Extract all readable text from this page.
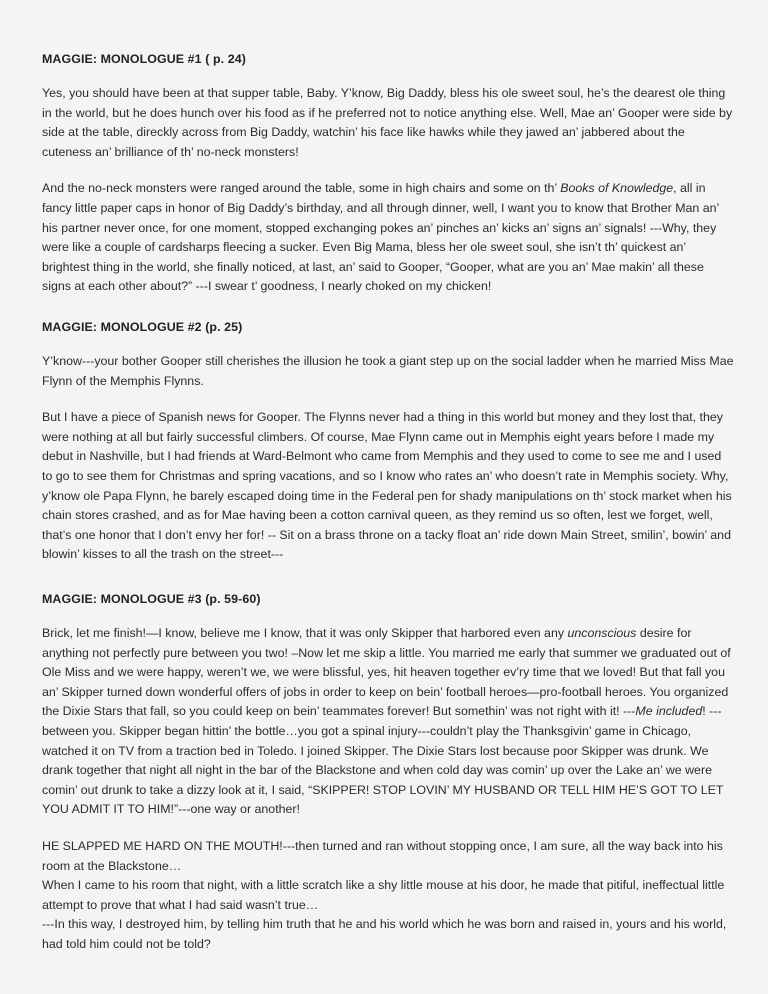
MAGGIE: MONOLOGUE #1 ( p. 24)

Yes, you should have been at that supper table, Baby. Y’know, Big Daddy, bless his ole sweet soul, he’s the dearest ole thing in the world, but he does hunch over his food as if he preferred not to notice anything else. Well, Mae an’ Gooper were side by side at the table, direckly across from Big Daddy, watchin’ his face like hawks while they jawed an’ jabbered about the cuteness an’ brilliance of th’ no-neck monsters!

And the no-neck monsters were ranged around the table, some in high chairs and some on th’ Books of Knowledge, all in fancy little paper caps in honor of Big Daddy’s birthday, and all through dinner, well, I want you to know that Brother Man an’ his partner never once, for one moment, stopped exchanging pokes an’ pinches an’ kicks an’ signs an’ signals! ---Why, they were like a couple of cardsharps fleecing a sucker. Even Big Mama, bless her ole sweet soul, she isn’t th’ quickest an’ brightest thing in the world, she finally noticed, at last, an’ said to Gooper, “Gooper, what are you an’ Mae makin’ all these signs at each other about?” ---I swear t’ goodness, I nearly choked on my chicken!

MAGGIE: MONOLOGUE #2 (p. 25)

Y’know---your bother Gooper still cherishes the illusion he took a giant step up on the social ladder when he married Miss Mae Flynn of the Memphis Flynns.

But I have a piece of Spanish news for Gooper. The Flynns never had a thing in this world but money and they lost that, they were nothing at all but fairly successful climbers. Of course, Mae Flynn came out in Memphis eight years before I made my debut in Nashville, but I had friends at Ward-Belmont who came from Memphis and they used to come to see me and I used to go to see them for Christmas and spring vacations, and so I know who rates an’ who doesn’t rate in Memphis society. Why, y’know ole Papa Flynn, he barely escaped doing time in the Federal pen for shady manipulations on th’ stock market when his chain stores crashed, and as for Mae having been a cotton carnival queen, as they remind us so often, lest we forget, well, that’s one honor that I don’t envy her for! -- Sit on a brass throne on a tacky float an’ ride down Main Street, smilin’, bowin’ and blowin’ kisses to all the trash on the street---

MAGGIE: MONOLOGUE #3 (p. 59-60)

Brick, let me finish!—I know, believe me I know, that it was only Skipper that harbored even any unconscious desire for anything not perfectly pure between you two! –Now let me skip a little. You married me early that summer we graduated out of Ole Miss and we were happy, weren’t we, we were blissful, yes, hit heaven together ev’ry time that we loved! But that fall you an’ Skipper turned down wonderful offers of jobs in order to keep on bein’ football heroes—pro-football heroes. You organized the Dixie Stars that fall, so you could keep on bein’ teammates forever! But somethin’ was not right with it! ---Me included! --- between you. Skipper began hittin’ the bottle…you got a spinal injury---couldn’t play the Thanksgivin’ game in Chicago, watched it on TV from a traction bed in Toledo. I joined Skipper. The Dixie Stars lost because poor Skipper was drunk. We drank together that night all night in the bar of the Blackstone and when cold day was comin’ up over the Lake an’ we were comin’ out drunk to take a dizzy look at it, I said, “SKIPPER! STOP LOVIN’ MY HUSBAND OR TELL HIM HE’S GOT TO LET YOU ADMIT IT TO HIM!”---one way or another!

HE SLAPPED ME HARD ON THE MOUTH!---then turned and ran without stopping once, I am sure, all the way back into his room at the Blackstone…

When I came to his room that night, with a little scratch like a shy little mouse at his door, he made that pitiful, ineffectual little attempt to prove that what I had said wasn’t true…

---In this way, I destroyed him, by telling him truth that he and his world which he was born and raised in, yours and his world, had told him could not be told?
